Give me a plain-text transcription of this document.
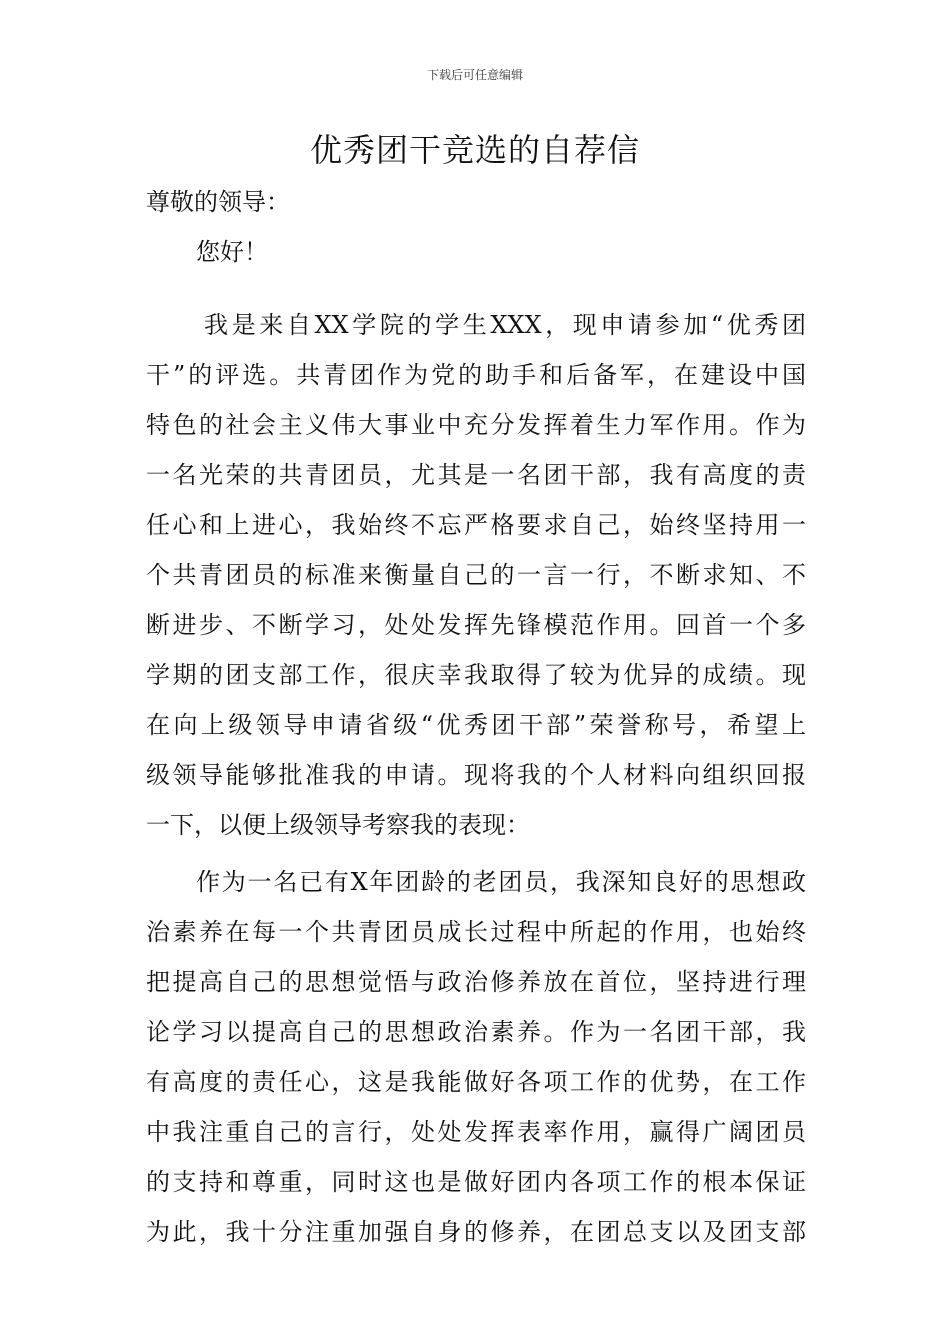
下载后可任意编辑
优秀团干竞选的自荐信
尊敬的领导：
您好！
我是来自XX学院的学生XXX，现申请参加“优秀团
干”的评选。共青团作为党的助手和后备军，在建设中国
特色的社会主义伟大事业中充分发挥着生力军作用。作为
一名光荣的共青团员，尤其是一名团干部，我有高度的责
任心和上进心，我始终不忘严格要求自己，始终坚持用一
个共青团员的标准来衡量自己的一言一行，不断求知、不
断进步、不断学习，处处发挥先锋模范作用。回首一个多
学期的团支部工作，很庆幸我取得了较为优异的成绩。现
在向上级领导申请省级“优秀团干部”荣誉称号，希望上
级领导能够批准我的申请。现将我的个人材料向组织回报
一下，以便上级领导考察我的表现：
作为一名已有X年团龄的老团员，我深知良好的思想政
治素养在每一个共青团员成长过程中所起的作用，也始终
把提高自己的思想觉悟与政治修养放在首位，坚持进行理
论学习以提高自己的思想政治素养。作为一名团干部，我
有高度的责任心，这是我能做好各项工作的优势，在工作
中我注重自己的言行，处处发挥表率作用，赢得广阔团员
的支持和尊重，同时这也是做好团内各项工作的根本保证
为此，我十分注重加强自身的修养，在团总支以及团支部
